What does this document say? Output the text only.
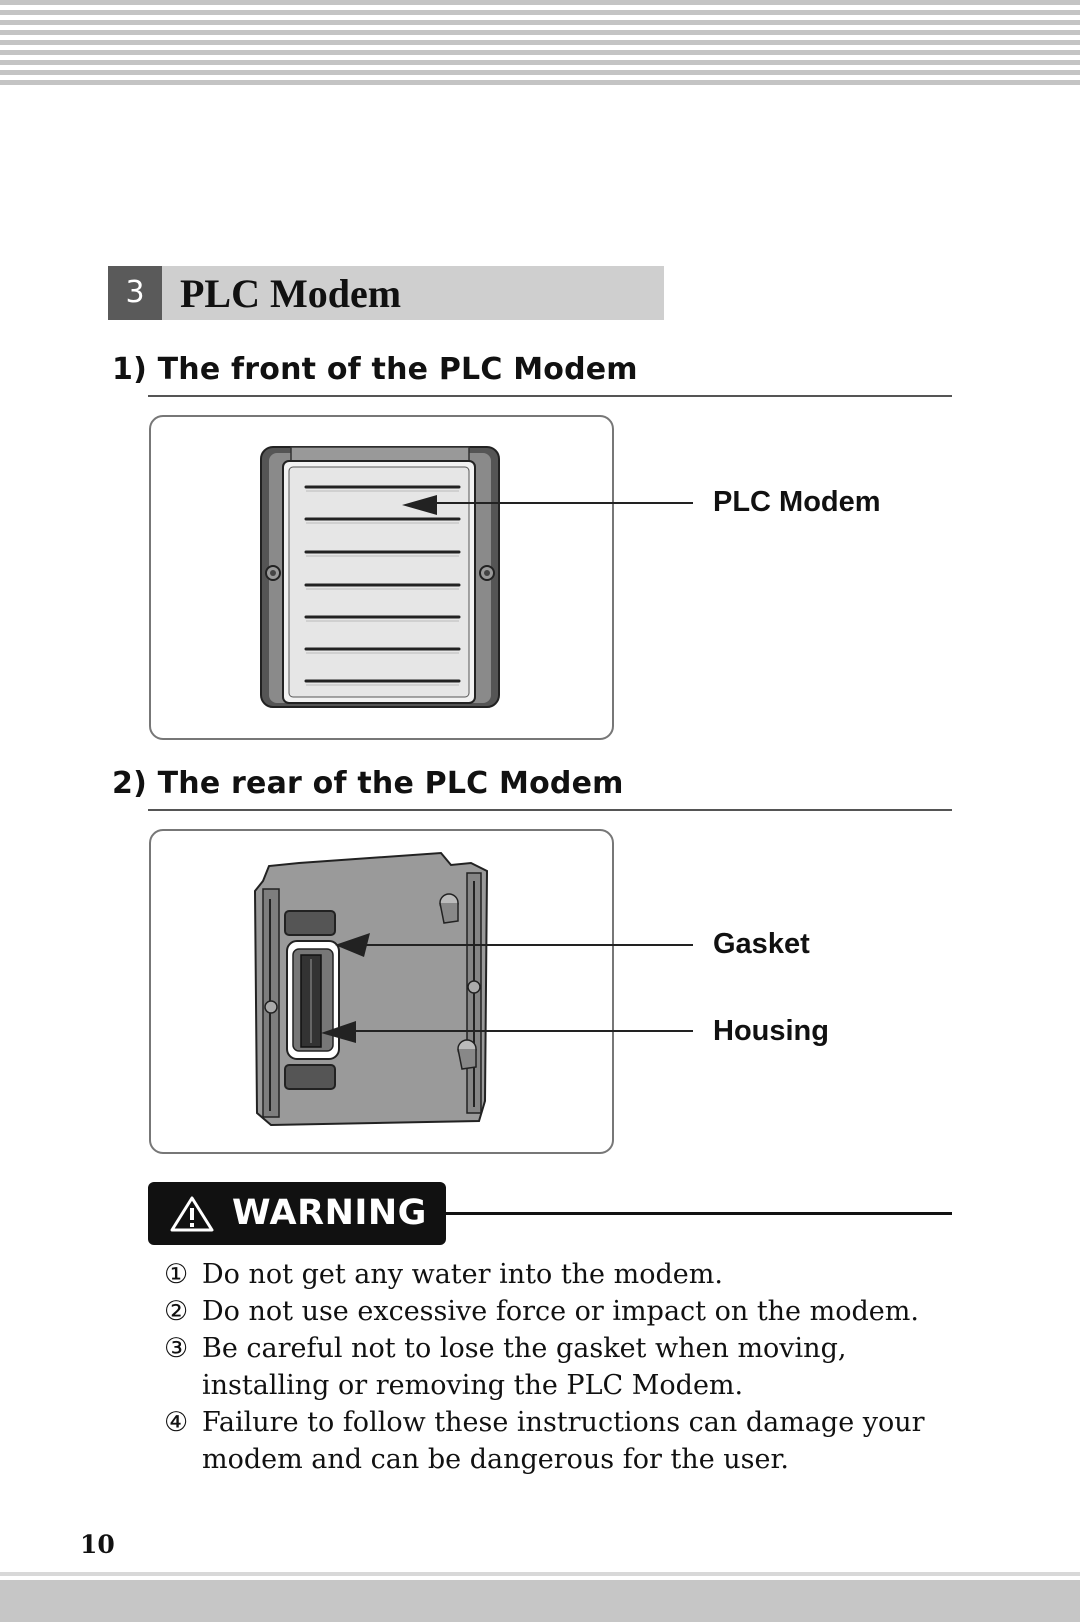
3 PLC Modem
1) The front of the PLC Modem
PLC Modem
2) The rear of the PLC Modem
Gasket
Housing
WARNING
① Do not get any water into the modem.
② Do not use excessive force or impact on the modem.
③ Be careful not to lose the gasket when moving, installing or removing the PLC Modem.
④ Failure to follow these instructions can damage your modem and can be dangerous for the user.
10
